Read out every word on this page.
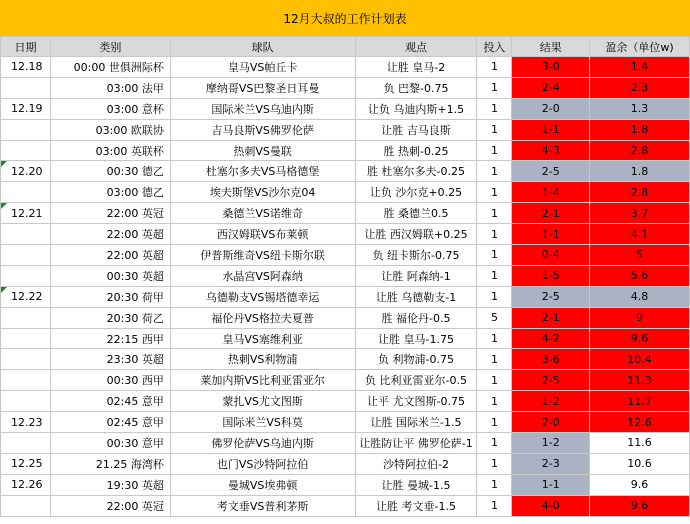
12月大叔的工作计划表
日期	类别	球队	观点	投入	结果	盈余（单位w)
12.18	00:00 世俱洲际杯	皇马VS帕丘卡	让胜 皇马-2	1	3-0	1.4
	03:00 法甲	摩纳哥VS巴黎圣日耳曼	负 巴黎-0.75	1	2-4	2.3
12.19	03:00 意杯	国际米兰VS乌迪内斯	让负 乌迪内斯+1.5	1	2-0	1.3
	03:00 欧联协	吉马良斯VS佛罗伦萨	让胜 吉马良斯	1	1-1	1.8
	03:00 英联杯	热刺VS曼联	胜 热刺-0.25	1	4-3	2.8
12.20	00:30 德乙	杜塞尔多夫VS马格德堡	胜 杜塞尔多夫-0.25	1	2-5	1.8
	03:00 德乙	埃夫斯堡VS沙尔克04	让负 沙尔克+0.25	1	1-4	2.8
12.21	22:00 英冠	桑德兰VS诺维奇	胜 桑德兰0.5	1	2-1	3.7
	22:00 英超	西汉姆联VS布莱顿	让胜 西汉姆联+0.25	1	1-1	4.1
	22:00 英超	伊普斯维奇VS纽卡斯尔联	负 纽卡斯尔-0.75	1	0-4	5
	00:30 英超	水晶宫VS阿森纳	让胜 阿森纳-1	1	1-5	5.6
12.22	20:30 荷甲	乌德勒支VS锡塔德幸运	让胜 乌德勒支-1	1	2-5	4.8
	20:30 荷乙	福伦丹VS格拉夫夏普	胜 福伦丹-0.5	5	2-1	9
	22:15 西甲	皇马VS塞维利亚	让胜 皇马-1.75	1	4-2	9.6
	23:30 英超	热刺VS利物浦	负 利物浦-0.75	1	3-6	10.4
	00:30 西甲	莱加内斯VS比利亚雷亚尔	负 比利亚雷亚尔-0.5	1	2-5	11.3
	02:45 意甲	蒙扎VS尤文图斯	让平 尤文图斯-0.75	1	1-2	11.7
12.23	02:45 意甲	国际米兰VS科莫	让胜 国际米兰-1.5	1	2-0	12.6
	00:30 意甲	佛罗伦萨VS乌迪内斯	让胜防让平 佛罗伦萨-1	1	1-2	11.6
12.25	21.25 海湾杯	也门VS沙特阿拉伯	沙特阿拉伯-2	1	2-3	10.6
12.26	19:30 英超	曼城VS埃弗顿	让胜 曼城-1.5	1	1-1	9.6
	22:00 英冠	考文垂VS普利茅斯	让胜 考文垂-1.5	1	4-0	9.6
